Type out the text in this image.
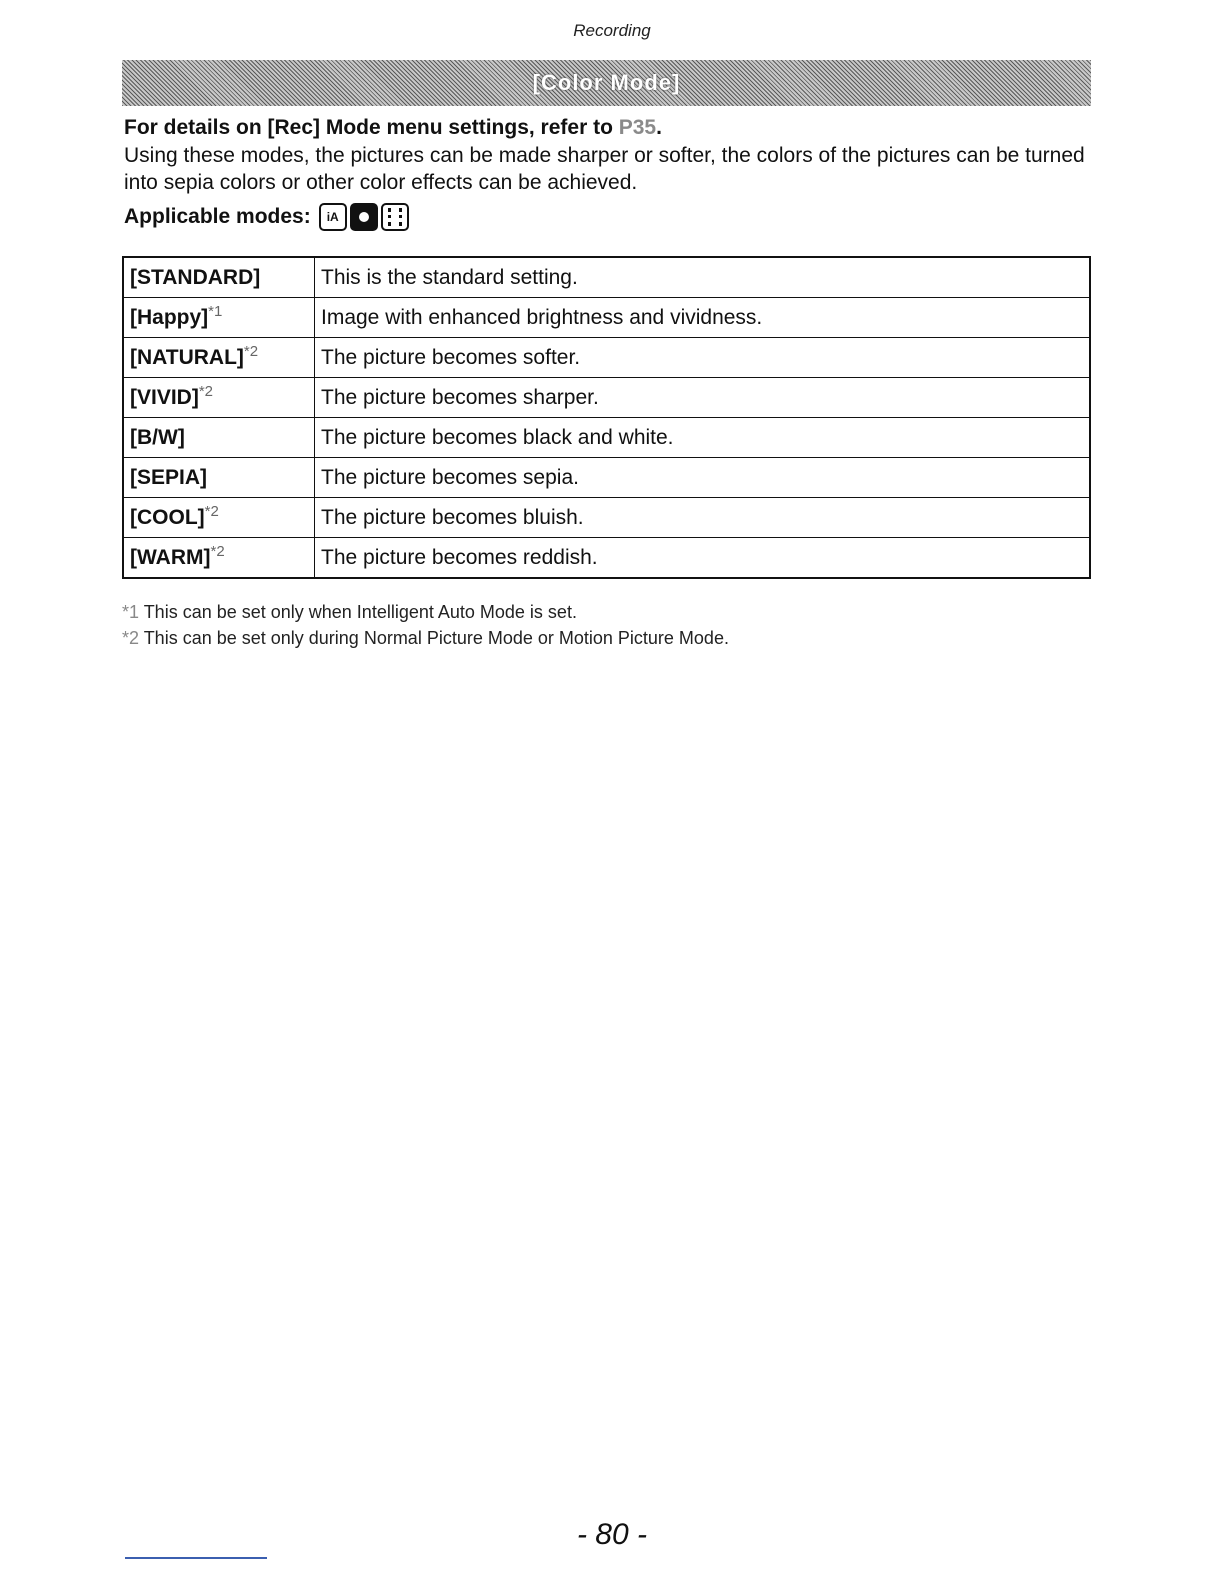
Recording
[Color Mode]

For details on [Rec] Mode menu settings, refer to P35.

Using these modes, the pictures can be made sharper or softer, the colors of the pictures can be turned into sepia colors or other color effects can be achieved.

Applicable modes:	iA
[STANDARD]	This is the standard setting.
[Happy]$^{*1}$	Image with enhanced brightness and vividness.
[NATURAL]$^{*2}$	The picture becomes softer.
[VIVID]$^{*2}$	The picture becomes sharper.
[B/W]	The picture becomes black and white.
[SEPIA]	The picture becomes sepia.
[COOL]$^{*2}$	The picture becomes bluish.
[WARM]$^{*2}$	The picture becomes reddish.
*1 This can be set only when Intelligent Auto Mode is set.
*2 This can be set only during Normal Picture Mode or Motion Picture Mode.
- 80 -
